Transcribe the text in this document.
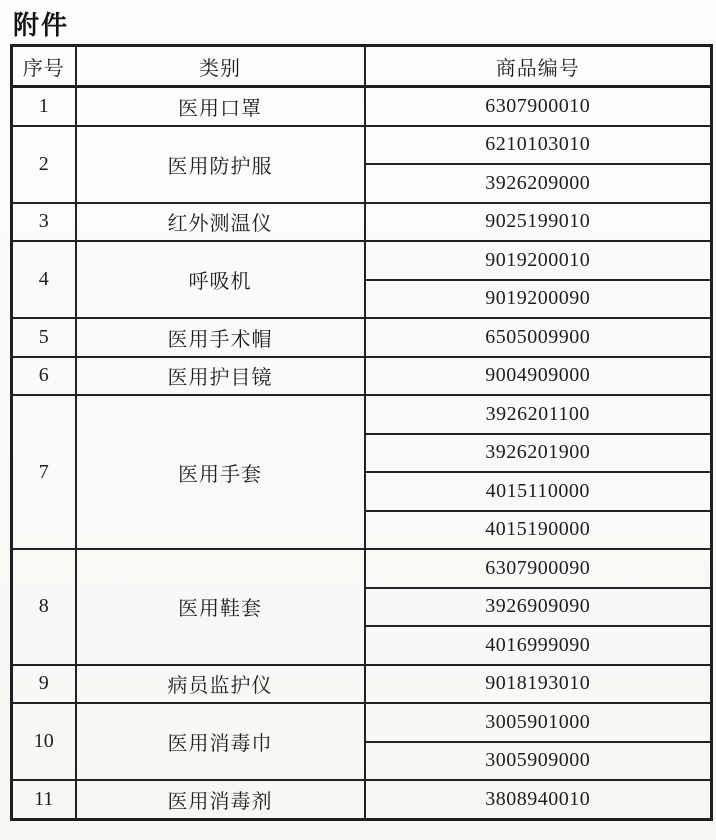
附件
序号	类别	商品编号
1	医用口罩	6307900010
2	医用防护服	6210103010
		3926209000
3	红外测温仪	9025199010
4	呼吸机	9019200010
		9019200090
5	医用手术帽	6505009900
6	医用护目镜	9004909000
7	医用手套	3926201100
		3926201900
		4015110000
		4015190000
8	医用鞋套	6307900090
		3926909090
		4016999090
9	病员监护仪	9018193010
10	医用消毒巾	3005901000
		3005909000
11	医用消毒剂	3808940010
